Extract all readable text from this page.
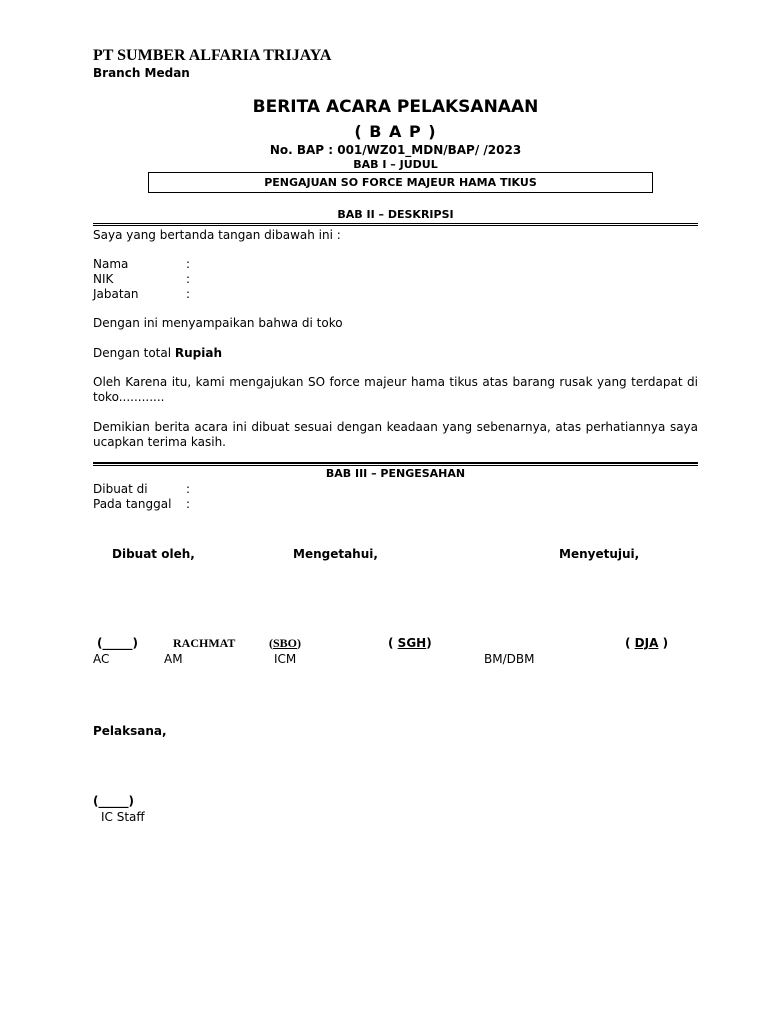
PT SUMBER ALFARIA TRIJAYA
Branch Medan
BERITA ACARA PELAKSANAAN
( B A P )
No. BAP : 001/WZ01_MDN/BAP/ /2023
BAB I – JUDUL
PENGAJUAN SO FORCE MAJEUR HAMA TIKUS
BAB II – DESKRIPSI
Saya yang bertanda tangan dibawah ini :
Nama	:
NIK	:
Jabatan	:
Dengan ini menyampaikan bahwa di toko
Dengan total Rupiah
Oleh Karena itu, kami mengajukan SO force majeur hama tikus atas barang rusak yang terdapat di toko............
Demikian berita acara ini dibuat sesuai dengan keadaan yang sebenarnya, atas perhatiannya saya ucapkan terima kasih.
BAB III – PENGESAHAN
Dibuat di	:
Pada tanggal :
Dibuat oleh,	Mengetahui,	Menyetujui,
(_____)	RACHMAT	(SBO)	( SGH)	( DJA )
AC	AM	ICM	BM/DBM
Pelaksana,
(_____)
IC Staff
